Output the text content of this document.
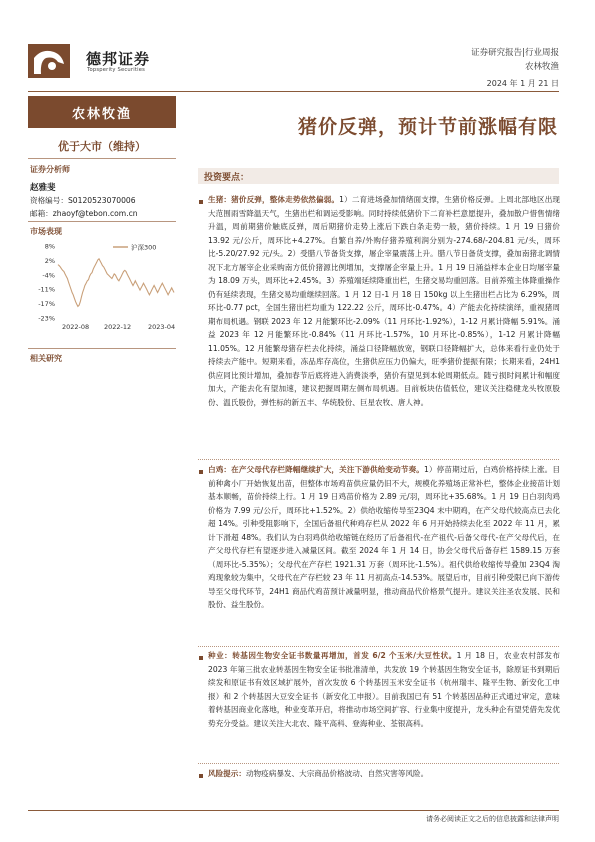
德邦证券
Topsperity Securities
证券研究报告|行业周报
农林牧渔
2024 年 1 月 21 日
农林牧渔
优于大市（维持）
证券分析师
赵雅斐
资格编号：S0120523070006
邮箱：zhaoyf@tebon.com.cn
市场表现
8%
2%
-4%
-11%
-17%
-23%
2022-08 2022-12	2023-04
沪深300
相关研究
猪价反弹，预计节前涨幅有限
投资要点：
生猪：猪价反弹，整体走势依然偏弱。1）二育进场叠加情绪面支撑，生猪价格反弹。上周北部地区出现大范围雨雪降温天气，生猪出栏和调运受影响。同时持续低猪价下二育补栏意愿提升，叠加散户惜售情绪升温，周前期猪价触底反弹，周后期猪价走势上涨后下跌白条走势一般，猪价持续。1 月 19 日猪价 13.92 元/公斤，周环比+4.27%。自繁自养/外购仔猪养殖利润分别为-274.68/-204.81 元/头，周环比-5.20/27.92 元/头。2）受腊八节备货支撑，屠企宰量震荡上升。腊八节日备货支撑，叠加南猪北调情况下北方屠宰企业采购南方低价猪源比例增加，支撑屠企宰量上升。1 月 19 日涌益样本企业日均屠宰量为 18.09 万头，周环比+2.45%。3）养殖端延续降重出栏，生猪交易均重回落。目前养殖主体降重操作仍有延续表现，生猪交易均重继续回落。1 月 12 日-1 月 18 日 150kg 以上生猪出栏占比为 6.29%，周环比-0.77 pct，全国生猪出栏均重为 122.22 公斤，周环比-0.47%。4）产能去化持续演绎，重视猪周期布局机遇。钢联 2023 年 12 月能繁环比-2.09%（11 月环比-1.92%），1-12 月累计降幅 5.91%。涌益 2023 年 12 月能繁环比-0.84%（11 月环比-1.57%，10 月环比-0.85%），1-12 月累计降幅 11.05%。12 月能繁母猪存栏去化持续，涌益口径降幅放宽，钢联口径降幅扩大，总体来看行业仍处于持续去产能中。短期来看，冻品库存高位，生猪供应压力仍偏大，旺季猪价提振有限；长期来看，24H1 供应同比预计增加，叠加春节后底将进入消费淡季，猪价有望见到本轮周期低点。随亏损时间累计和幅度加大，产能去化有望加速，建议把握周期左侧布局机遇。目前板块估值低位，建议关注稳健龙头牧原股份、温氏股份，弹性标的新五丰、华统股份、巨星农牧、唐人神。
白鸡：在产父母代存栏降幅继续扩大，关注下游供给变动节奏。1）停苗期过后，白鸡价格持续上涨。目前种禽小厂开始恢复出苗，但整体市场鸡苗供应量仍旧不大，规模化养殖场正常补栏，整体企业接苗计划基本顺畅，苗价持续上行。1 月 19 日鸡苗价格为 2.89 元/羽，周环比+35.68%。1 月 19 日白羽肉鸡价格为 7.99 元/公斤，周环比+1.52%。2）供给收缩传导至23Q4 末中期鸡，在产父母代较高点已去化超 14%。引种受阻影响下，全国后备祖代种鸡存栏从 2022 年 6 月开始持续去化至 2022 年 11 月，累计下滑超 48%。我们认为白羽鸡供给收缩链在经历了后备祖代-在产祖代-后备父母代-在产父母代后，在产父母代存栏有望逐步进入减量区间。截至 2024 年 1 月 14 日，协会父母代后备存栏 1589.15 万套（周环比-5.35%）；父母代在产存栏 1921.31 万套（周环比-1.5%）。祖代供给收缩传导叠加 23Q4 淘鸡现象较为集中，父母代在产存栏较 23 年 11 月初高点-14.53%。展望后市，目前引种受限已向下游传导至父母代环节，24H1 商品代鸡苗预计减量明显，推动商品代价格景气提升。建议关注圣农发展、民和股份、益生股份。
种业：转基因生物安全证书数量再增加，首发 6/2 个玉米/大豆性状。1 月 18 日，农业农村部发布 2023 年第三批农业转基因生物安全证书批准清单，共发放 19 个转基因生物安全证书，除原证书到期后续发和原证书有效区域扩展外，首次发放 6 个转基因玉米安全证书（杭州瑞丰、隆平生物、新安化工申报）和 2 个转基因大豆安全证书（新安化工申报）。目前我国已有 51 个转基因品种正式通过审定，意味着转基因商业化落地，种业变革开启，将推动市场空间扩容、行业集中度提升，龙头种企有望凭借先发优势充分受益。建议关注大北农、隆平高科、登海种业、荃银高科。
风险提示：动物疫病暴发、大宗商品价格波动、自然灾害等风险。
请务必阅读正文之后的信息披露和法律声明
